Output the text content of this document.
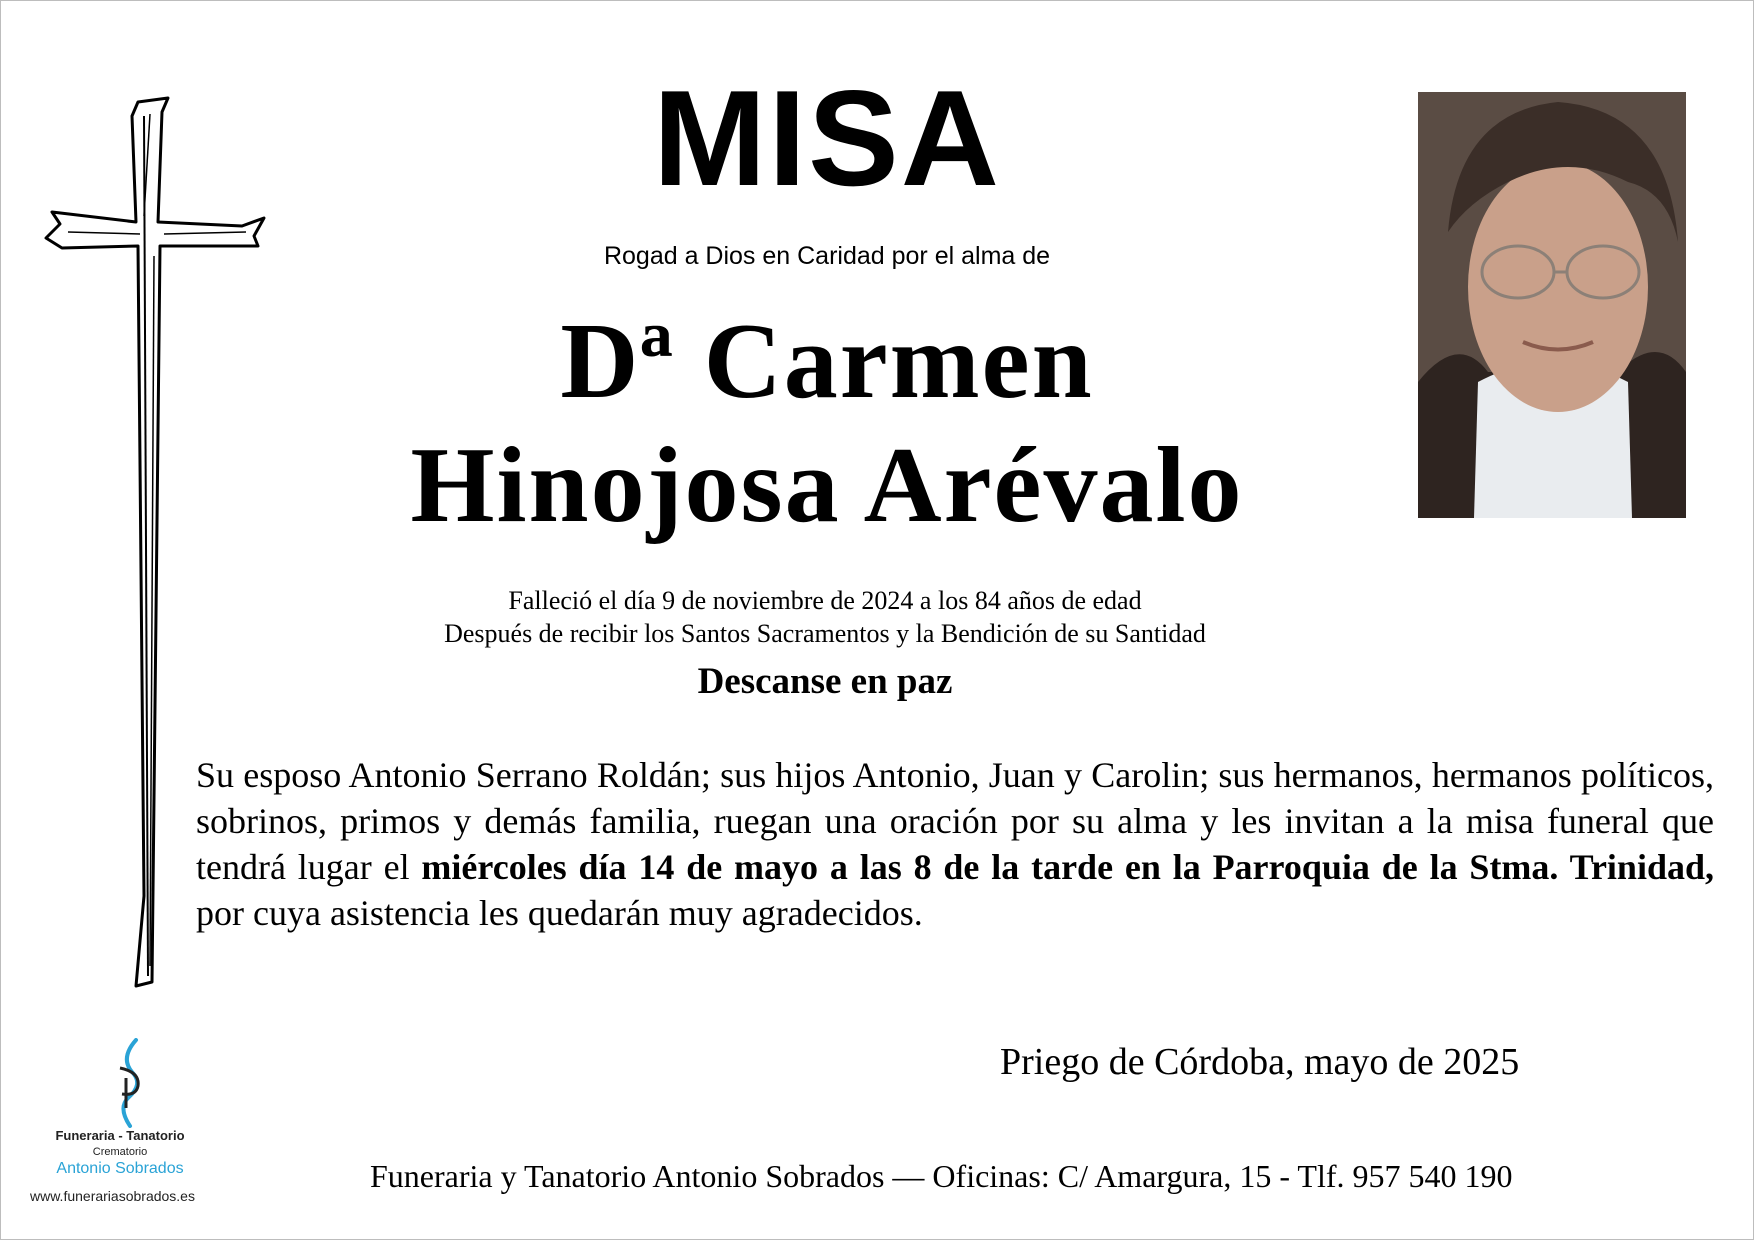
MISA
Rogad a Dios en Caridad por el alma de
Dª Carmen
Hinojosa Arévalo
Falleció el día 9 de noviembre de 2024 a los 84 años de edad
Después de recibir los Santos Sacramentos y la Bendición de su Santidad
Descanse en paz
Su esposo Antonio Serrano Roldán; sus hijos Antonio, Juan y Carolin; sus hermanos, hermanos políticos, sobrinos, primos y demás familia, ruegan una oración por su alma y les invitan a la misa funeral que tendrá lugar el miércoles día 14 de mayo a las 8 de la tarde en la Parroquia de la Stma. Trinidad, por cuya asistencia les quedarán muy agradecidos.
Priego de Córdoba, mayo de 2025
Funeraria y Tanatorio Antonio Sobrados — Oficinas: C/ Amargura, 15 - Tlf. 957 540 190
Funeraria - Tanatorio
Crematorio
Antonio Sobrados
www.funerariasobrados.es
